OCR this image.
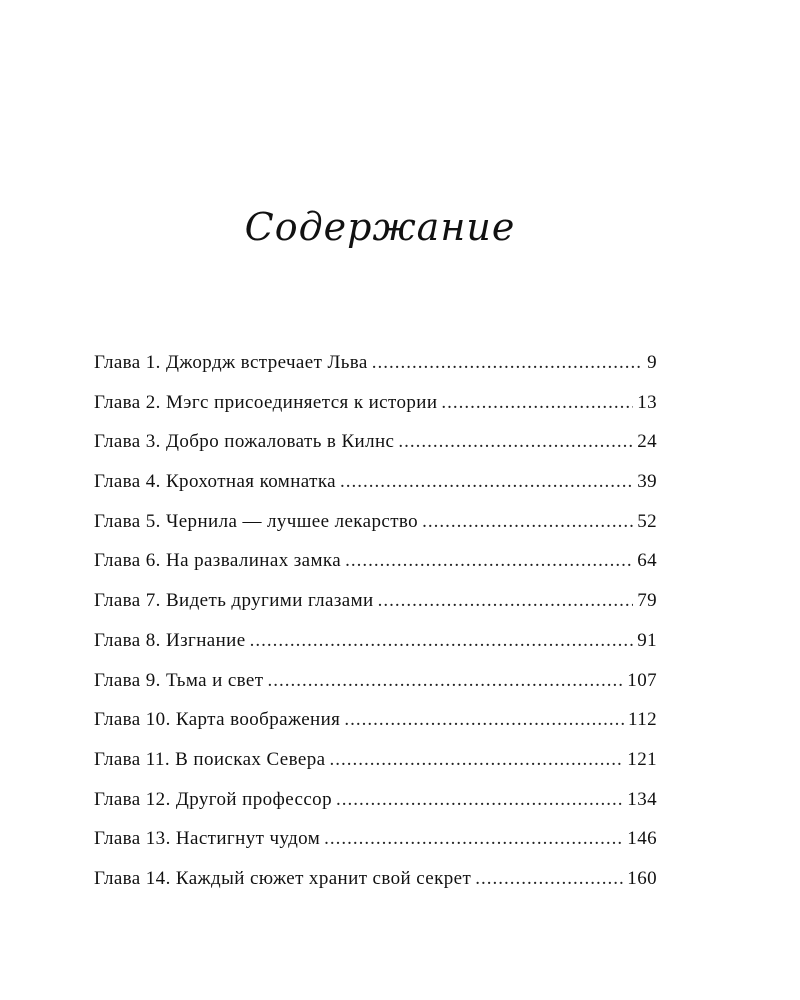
Содержание
Глава 1. Джордж встречает Льва .....	9
Глава 2. Мэгс присоединяется к истории .....	13
Глава 3. Добро пожаловать в Килнс .....	24
Глава 4. Крохотная комнатка .....	39
Глава 5. Чернила — лучшее лекарство .....	52
Глава 6. На развалинах замка .....	64
Глава 7. Видеть другими глазами .....	79
Глава 8. Изгнание .....	91
Глава 9. Тьма и свет .....	107
Глава 10. Карта воображения .....	112
Глава 11. В поисках Севера .....	121
Глава 12. Другой профессор .....	134
Глава 13. Настигнут чудом .....	146
Глава 14. Каждый сюжет хранит свой секрет .....	160
